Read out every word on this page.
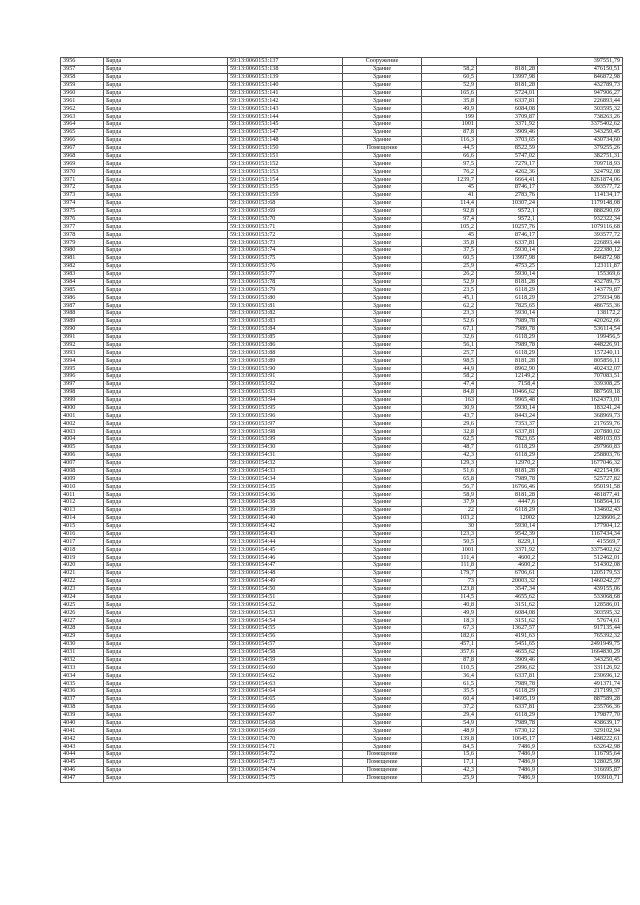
3956	Барда	59:13:0060153:137	Сооружение			397551,79
3957	Барда	59:13:0060153:138	Здание	58,2	8181,28	476150,51
3958	Барда	59:13:0060153:139	Здание	60,5	13997,98	846872,98
3959	Барда	59:13:0060153:140	Здание	52,9	8181,28	432789,73
3960	Барда	59:13:0060153:141	Здание	165,6	5724,01	947906,27
3961	Барда	59:13:0060153:142	Здание	35,8	6337,81	226893,44
3962	Барда	59:13:0060153:143	Здание	49,9	6084,08	303595,32
3963	Барда	59:13:0060153:144	Здание	199	3709,87	738263,26
3964	Барда	59:13:0060153:145	Здание	1001	3371,92	3375402,62
3965	Барда	59:13:0060153:147	Здание	87,8	3909,46	343250,45
3966	Барда	59:13:0060153:148	Здание	116,3	3703,65	430734,60
3967	Барда	59:13:0060153:150	Помещение	44,5	8522,59	379255,26
3968	Барда	59:13:0060153:151	Здание	66,6	5747,02	382751,31
3969	Барда	59:13:0060153:152	Здание	97,5	7279,17	709718,93
3970	Барда	59:13:0060153:153	Здание	76,2	4262,36	324792,08
3971	Барда	59:13:0060153:154	Здание	1239,7	6664,41	8261874,06
3972	Барда	59:13:0060153:155	Здание	45	8746,17	393577,72
3973	Барда	59:13:0060153:159	Здание	41	2783,76	114134,17
3974	Барда	59:13:0060153:68	Здание	114,4	10307,24	1179148,08
3975	Барда	59:13:0060153:69	Здание	92,8	9572,1	888290,69
3976	Барда	59:13:0060153:70	Здание	97,4	9572,1	932322,34
3977	Барда	59:13:0060153:71	Здание	105,2	10257,76	1079116,68
3978	Барда	59:13:0060153:72	Здание	45	8746,17	393577,72
3979	Барда	59:13:0060153:73	Здание	35,8	6337,81	226893,44
3980	Барда	59:13:0060153:74	Здание	37,5	5930,14	222380,12
3981	Барда	59:13:0060153:75	Здание	60,5	13997,98	846872,98
3982	Барда	59:13:0060153:76	Здание	25,9	4753,25	123111,87
3983	Барда	59:13:0060153:77	Здание	26,2	5930,14	155369,6
3984	Барда	59:13:0060153:78	Здание	52,9	8181,28	432789,73
3985	Барда	59:13:0060153:79	Здание	23,5	6118,29	143779,87
3986	Барда	59:13:0060153:80	Здание	45,1	6118,29	275934,98
3987	Барда	59:13:0060153:81	Здание	62,2	7825,65	486755,36
3988	Барда	59:13:0060153:82	Здание	23,3	5930,14	138172,2
3989	Барда	59:13:0060153:83	Здание	52,6	7989,78	420262,66
3990	Барда	59:13:0060153:84	Здание	67,1	7989,78	536114,54
3991	Барда	59:13:0060153:85	Здание	32,6	6118,29	199456,5
3992	Барда	59:13:0060153:86	Здание	56,1	7989,78	448226,91
3993	Барда	59:13:0060153:88	Здание	25,7	6118,29	157240,11
3994	Барда	59:13:0060153:89	Здание	98,5	8181,28	805856,11
3995	Барда	59:13:0060153:90	Здание	44,9	8962,90	402432,07
3996	Барда	59:13:0060153:91	Здание	58,2	12149,2	707083,51
3997	Барда	59:13:0060153:92	Здание	47,4	7158,4	339308,25
3998	Барда	59:13:0060153:93	Здание	84,8	10466,62	887569,18
3999	Барда	59:13:0060153:94	Здание	163	9965,48	1624373,01
4000	Барда	59:13:0060153:95	Здание	30,9	5930,14	183241,24
4001	Барда	59:13:0060153:96	Здание	43,7	8443,24	368969,73
4002	Барда	59:13:0060153:97	Здание	29,6	7353,37	217659,76
4003	Барда	59:13:0060153:98	Здание	32,8	6337,81	207880,02
4004	Барда	59:13:0060153:99	Здание	62,5	7823,65	489103,03
4005	Барда	59:13:0060154:30	Здание	48,7	6118,29	297960,83
4006	Барда	59:13:0060154:31	Здание	42,3	6118,29	258803,76
4007	Барда	59:13:0060154:32	Здание	129,3	12970,2	1677046,32
4008	Барда	59:13:0060154:33	Здание	51,6	8181,28	422154,06
4009	Барда	59:13:0060154:34	Здание	65,8	7989,78	525727,82
4010	Барда	59:13:0060154:35	Здание	56,7	16766,46	950191,58
4011	Барда	59:13:0060154:36	Здание	58,9	8181,28	481877,41
4012	Барда	59:13:0060154:38	Здание	37,9	4447,6	168564,16
4013	Барда	59:13:0060154:39	Здание	22	6118,29	134602,43
4014	Барда	59:13:0060154:40	Здание	103,2	12002	1238606,2
4015	Барда	59:13:0060154:42	Здание	30	5930,14	177904,12
4016	Барда	59:13:0060154:43	Здание	123,3	9542,39	1167434,34
4017	Барда	59:13:0060154:44	Здание	50,5	8229,1	415569,7
4018	Барда	59:13:0060154:45	Здание	1001	3371,92	3375402,62
4019	Барда	59:13:0060154:46	Здание	111,4	4600,2	512462,01
4020	Барда	59:13:0060154:47	Здание	111,8	4600,2	514302,08
4021	Барда	59:13:0060154:48	Здание	179,7	6706,61	1205179,53
4022	Барда	59:13:0060154:49	Здание	73	20003,32	1460242,27
4023	Барда	59:13:0060154:50	Здание	123,8	3547,34	439155,06
4024	Барда	59:13:0060154:51	Здание	114,5	4655,62	533068,68
4025	Барда	59:13:0060154:52	Здание	40,8	3151,62	128586,01
4026	Барда	59:13:0060154:53	Здание	49,9	6084,08	303595,32
4027	Барда	59:13:0060154:54	Здание	18,3	3151,62	57674,61
4028	Барда	59:13:0060154:55	Здание	67,3	13627,57	917135,44
4029	Барда	59:13:0060154:56	Здание	182,6	4191,63	765392,32
4030	Барда	59:13:0060154:57	Здание	457,1	5451,65	2491949,75
4031	Барда	59:13:0060154:58	Здание	357,6	4655,62	1664830,29
4032	Барда	59:13:0060154:59	Здание	87,8	3909,46	343250,45
4033	Барда	59:13:0060154:60	Здание	110,5	2996,62	331126,92
4034	Барда	59:13:0060154:62	Здание	36,4	6337,81	230696,12
4035	Барда	59:13:0060154:63	Здание	61,5	7989,78	491371,74
4036	Барда	59:13:0060154:64	Здание	35,5	6118,29	217199,37
4037	Барда	59:13:0060154:65	Здание	60,4	14695,19	887589,28
4038	Барда	59:13:0060154:66	Здание	37,2	6337,81	235766,36
4039	Барда	59:13:0060154:67	Здание	29,4	6118,29	179877,70
4040	Барда	59:13:0060154:68	Здание	54,9	7989,78	438639,17
4041	Барда	59:13:0060154:69	Здание	48,9	6730,12	329102,94
4042	Барда	59:13:0060154:70	Здание	139,8	10645,17	1488222,61
4043	Барда	59:13:0060154:71	Здание	84,5	7486,9	632642,98
4044	Барда	59:13:0060154:72	Помещение	15,6	7486,9	116795,64
4045	Барда	59:13:0060154:73	Помещение	17,1	7486,9	128025,99
4046	Барда	59:13:0060154:74	Помещение	42,3	7486,9	316695,87
4047	Барда	59:13:0060154:75	Помещение	25,9	7486,9	193910,71
